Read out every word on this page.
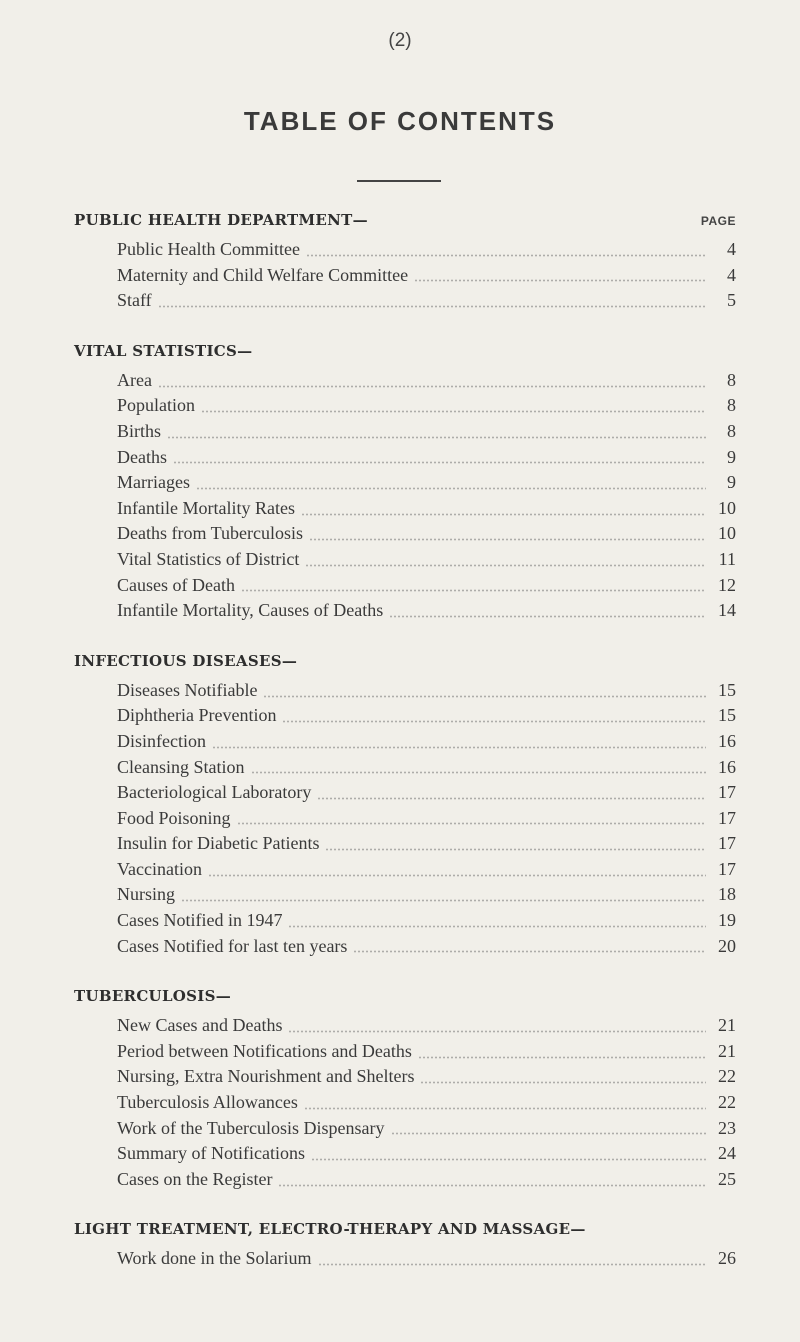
(2)
TABLE OF CONTENTS
PUBLIC HEALTH DEPARTMENT—	PAGE
Public Health Committee	4
Maternity and Child Welfare Committee	4
Staff	5
VITAL STATISTICS—
Area	8
Population	8
Births	8
Deaths	9
Marriages	9
Infantile Mortality Rates	10
Deaths from Tuberculosis	10
Vital Statistics of District	11
Causes of Death	12
Infantile Mortality, Causes of Deaths	14
INFECTIOUS DISEASES—
Diseases Notifiable	15
Diphtheria Prevention	15
Disinfection	16
Cleansing Station	16
Bacteriological Laboratory	17
Food Poisoning	17
Insulin for Diabetic Patients	17
Vaccination	17
Nursing	18
Cases Notified in 1947	19
Cases Notified for last ten years	20
TUBERCULOSIS—
New Cases and Deaths	21
Period between Notifications and Deaths	21
Nursing, Extra Nourishment and Shelters	22
Tuberculosis Allowances	22
Work of the Tuberculosis Dispensary	23
Summary of Notifications	24
Cases on the Register	25
LIGHT TREATMENT, ELECTRO-THERAPY AND MASSAGE—
Work done in the Solarium	26
